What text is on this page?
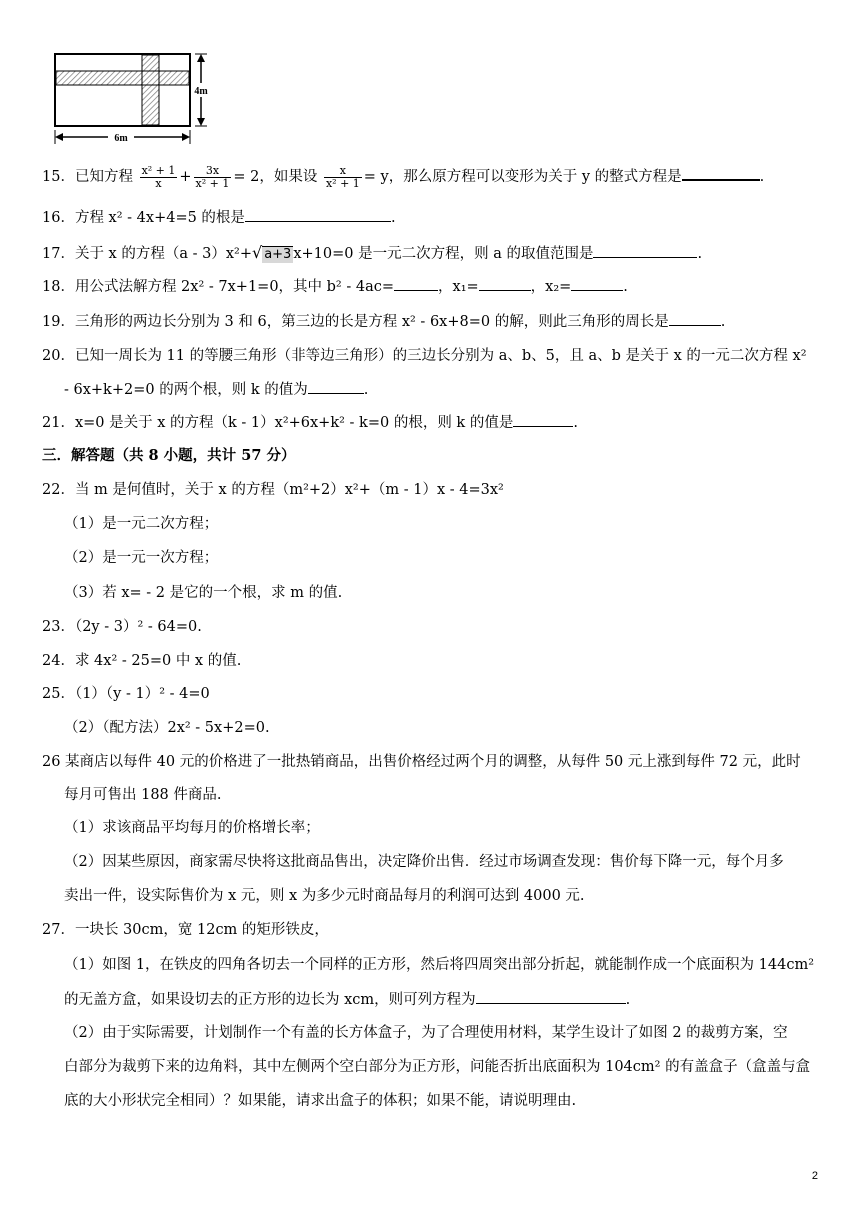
4m
6m
15．已知方程 $\frac{\text{x² + 1}}{x} + \frac{3x}{\text{x² + 1}} = 2$，如果设 $\frac{x}{\text{x² + 1}} = y$，那么原方程可以变形为关于 y 的整式方程是	.
16．方程 x² - 4x+4=5 的根是	.
17．关于 x 的方程（a - 3）x²+√ a+3 x+10=0 是一元二次方程，则 a 的取值范围是	.
18．用公式法解方程 2x² - 7x+1=0，其中 b² - 4ac=	，x₁=	，x₂=	.
19．三角形的两边长分别为 3 和 6，第三边的长是方程 x² - 6x+8=0 的解，则此三角形的周长是	.
20．已知一周长为 11 的等腰三角形（非等边三角形）的三边长分别为 a、b、5，且 a、b 是关于 x 的一元二次方程 x²
- 6x+k+2=0 的两个根，则 k 的值为	.
21．x=0 是关于 x 的方程（k - 1）x²+6x+k² - k=0 的根，则 k 的值是	.
三．解答题（共 8 小题，共计 57 分）
22．当 m 是何值时，关于 x 的方程（m²+2）x²+（m - 1）x - 4=3x²
（1）是一元二次方程；
（2）是一元一次方程；
（3）若 x= - 2 是它的一个根，求 m 的值.
23．（2y - 3）² - 64=0.
24．求 4x² - 25=0 中 x 的值.
25．（1）（y - 1）² - 4=0
（2）（配方法）2x² - 5x+2=0.
26 某商店以每件 40 元的价格进了一批热销商品，出售价格经过两个月的调整，从每件 50 元上涨到每件 72 元，此时
每月可售出 188 件商品.
（1）求该商品平均每月的价格增长率；
（2）因某些原因，商家需尽快将这批商品售出，决定降价出售．经过市场调查发现：售价每下降一元，每个月多
卖出一件，设实际售价为 x 元，则 x 为多少元时商品每月的利润可达到 4000 元.
27．一块长 30cm，宽 12cm 的矩形铁皮，
（1）如图 1，在铁皮的四角各切去一个同样的正方形，然后将四周突出部分折起，就能制作成一个底面积为 144cm²
的无盖方盒，如果设切去的正方形的边长为 xcm，则可列方程为	.
（2）由于实际需要，计划制作一个有盖的长方体盒子，为了合理使用材料，某学生设计了如图 2 的裁剪方案，空
白部分为裁剪下来的边角料，其中左侧两个空白部分为正方形，问能否折出底面积为 104cm² 的有盖盒子（盒盖与盒
底的大小形状完全相同）？如果能，请求出盒子的体积；如果不能，请说明理由.
2
